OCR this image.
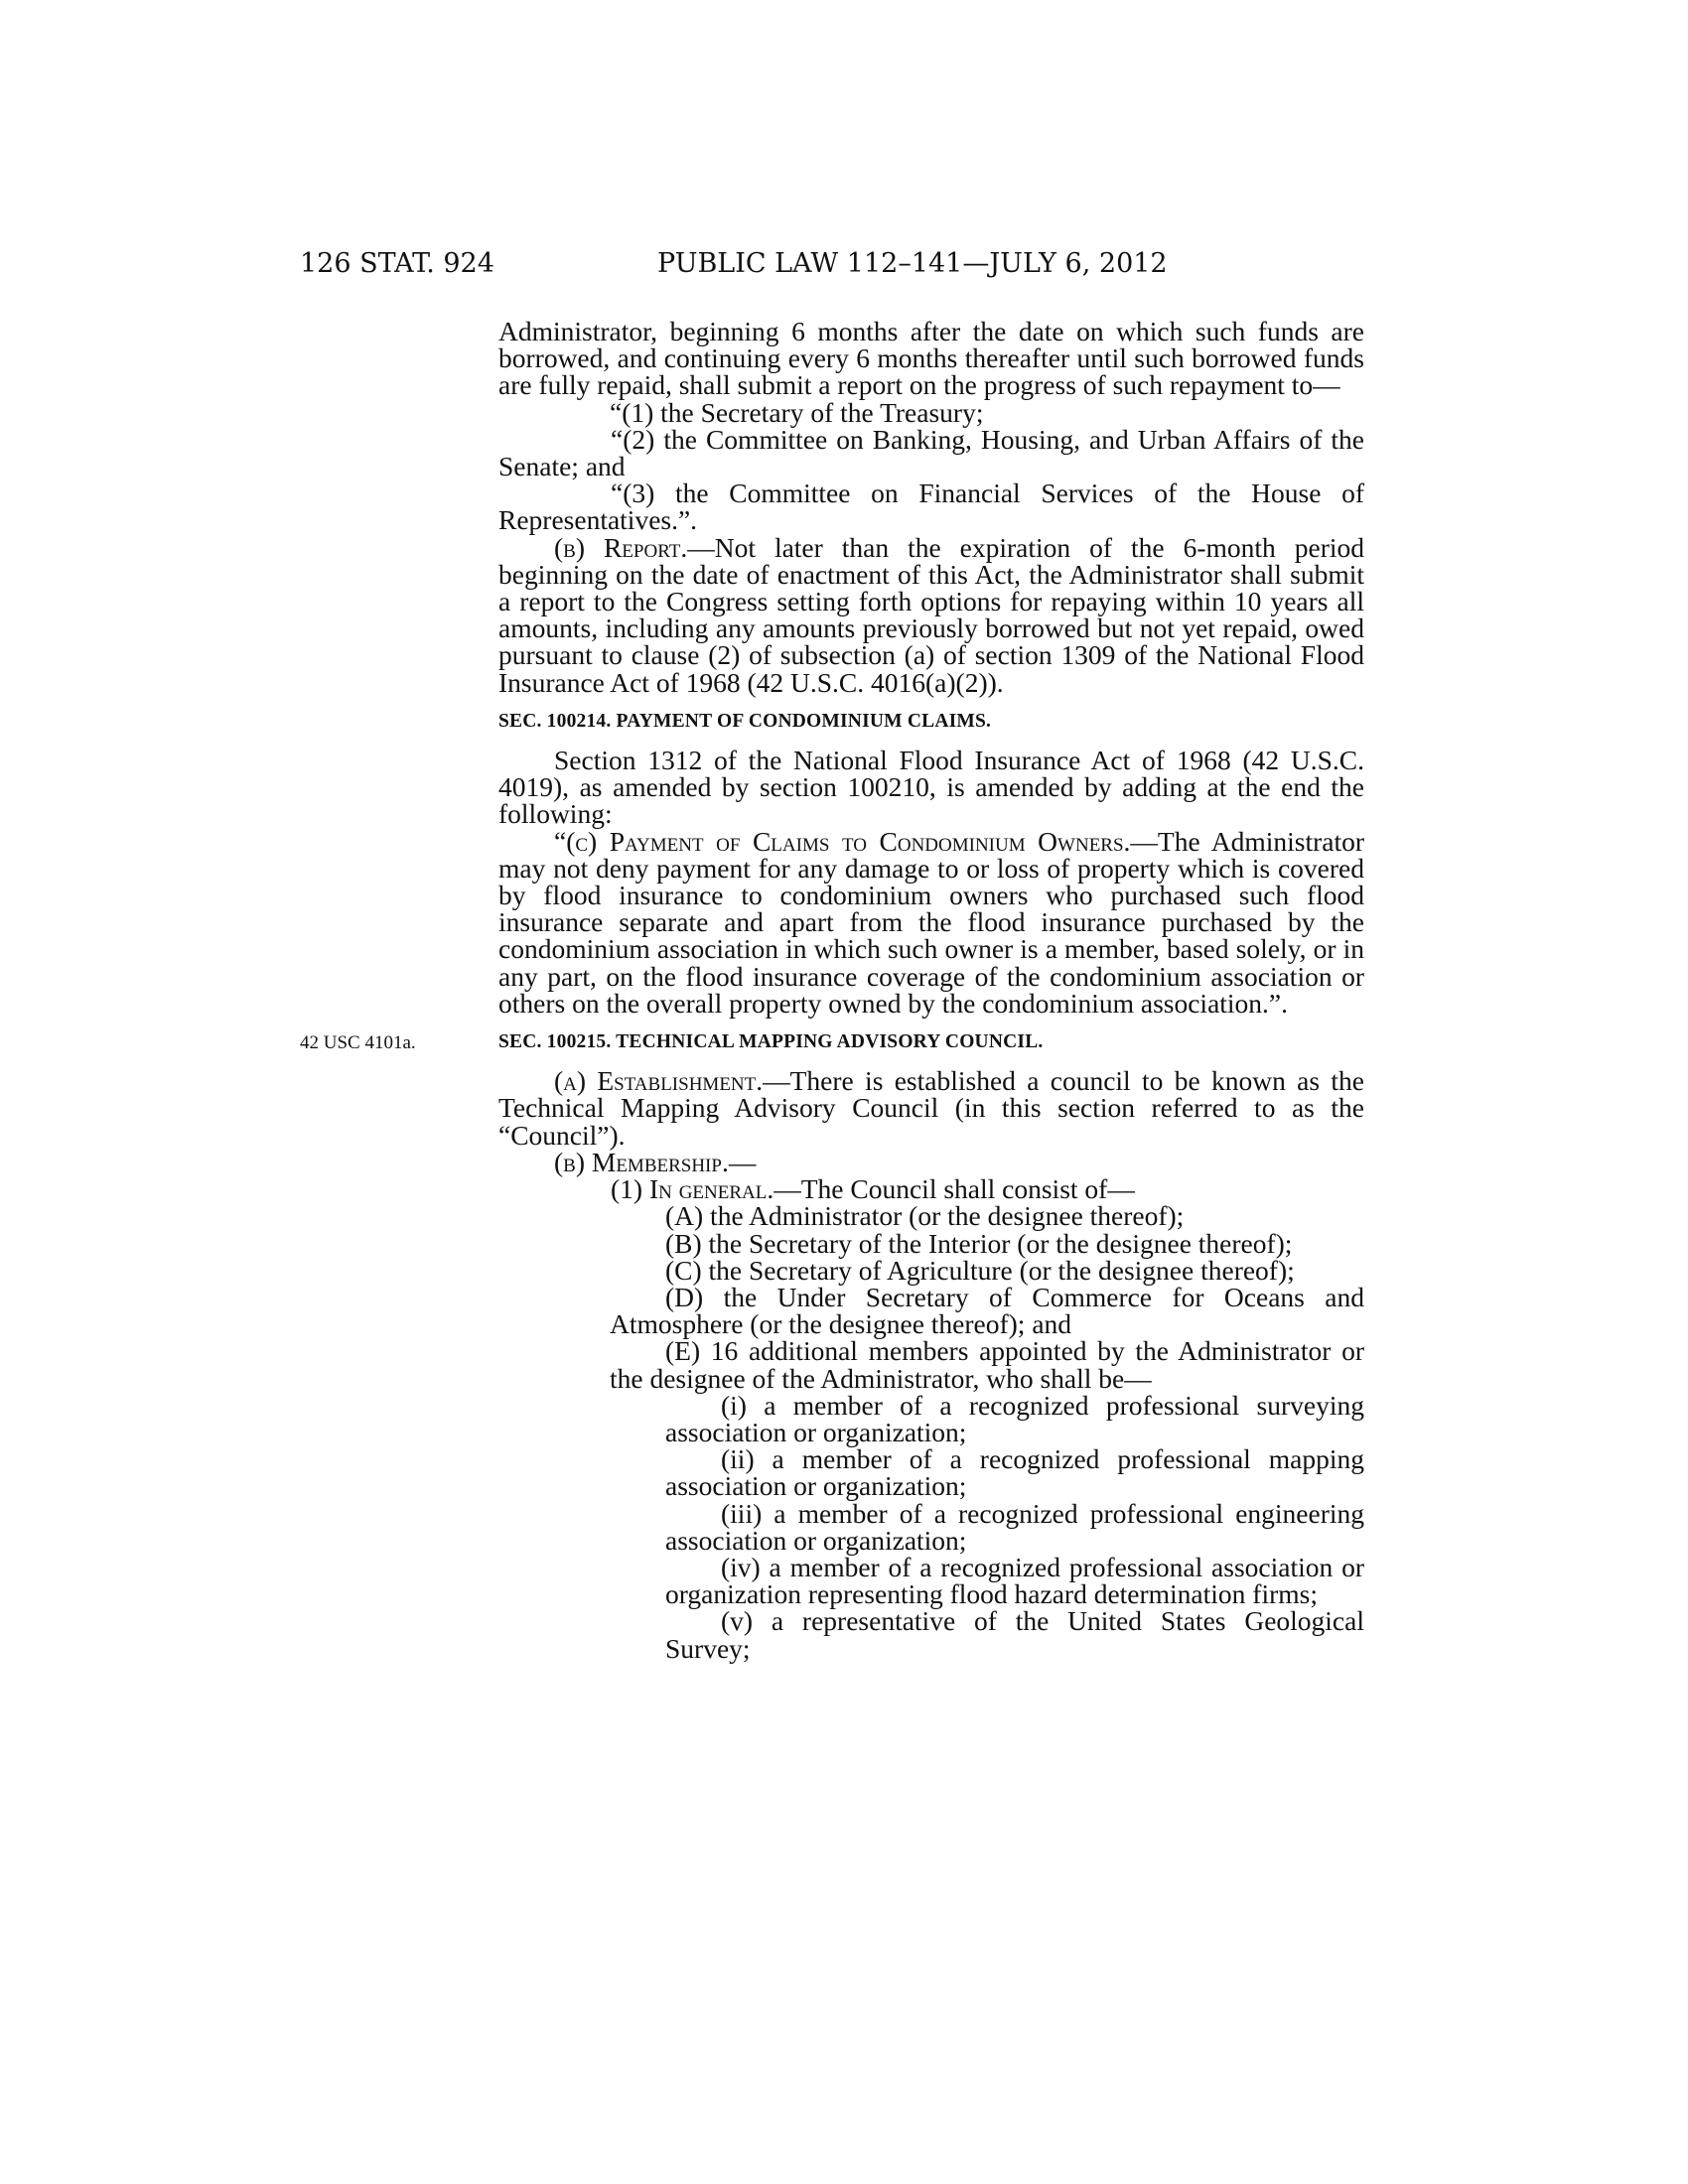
126 STAT. 924	PUBLIC LAW 112–141—JULY 6, 2012

Administrator, beginning 6 months after the date on which such funds are borrowed, and continuing every 6 months thereafter until such borrowed funds are fully repaid, shall submit a report on the progress of such repayment to—

“(1) the Secretary of the Treasury;

“(2) the Committee on Banking, Housing, and Urban Affairs of the Senate; and

“(3) the Committee on Financial Services of the House of Representatives.”.

(b) Report.—Not later than the expiration of the 6-month period beginning on the date of enactment of this Act, the Administrator shall submit a report to the Congress setting forth options for repaying within 10 years all amounts, including any amounts previously borrowed but not yet repaid, owed pursuant to clause (2) of subsection (a) of section 1309 of the National Flood Insurance Act of 1968 (42 U.S.C. 4016(a)(2)).

SEC. 100214. PAYMENT OF CONDOMINIUM CLAIMS.

Section 1312 of the National Flood Insurance Act of 1968 (42 U.S.C. 4019), as amended by section 100210, is amended by adding at the end the following:

“(c) Payment of Claims to Condominium Owners.—The Administrator may not deny payment for any damage to or loss of property which is covered by flood insurance to condominium owners who purchased such flood insurance separate and apart from the flood insurance purchased by the condominium association in which such owner is a member, based solely, or in any part, on the flood insurance coverage of the condominium association or others on the overall property owned by the condominium association.”.

42 USC 4101a.	SEC. 100215. TECHNICAL MAPPING ADVISORY COUNCIL.

(a) Establishment.—There is established a council to be known as the Technical Mapping Advisory Council (in this section referred to as the “Council”).

(b) Membership.—

(1) In general.—The Council shall consist of—

(A) the Administrator (or the designee thereof);

(B) the Secretary of the Interior (or the designee thereof);

(C) the Secretary of Agriculture (or the designee thereof);

(D) the Under Secretary of Commerce for Oceans and Atmosphere (or the designee thereof); and

(E) 16 additional members appointed by the Administrator or the designee of the Administrator, who shall be—

(i) a member of a recognized professional surveying association or organization;

(ii) a member of a recognized professional mapping association or organization;

(iii) a member of a recognized professional engineering association or organization;

(iv) a member of a recognized professional association or organization representing flood hazard determination firms;

(v) a representative of the United States Geological Survey;
